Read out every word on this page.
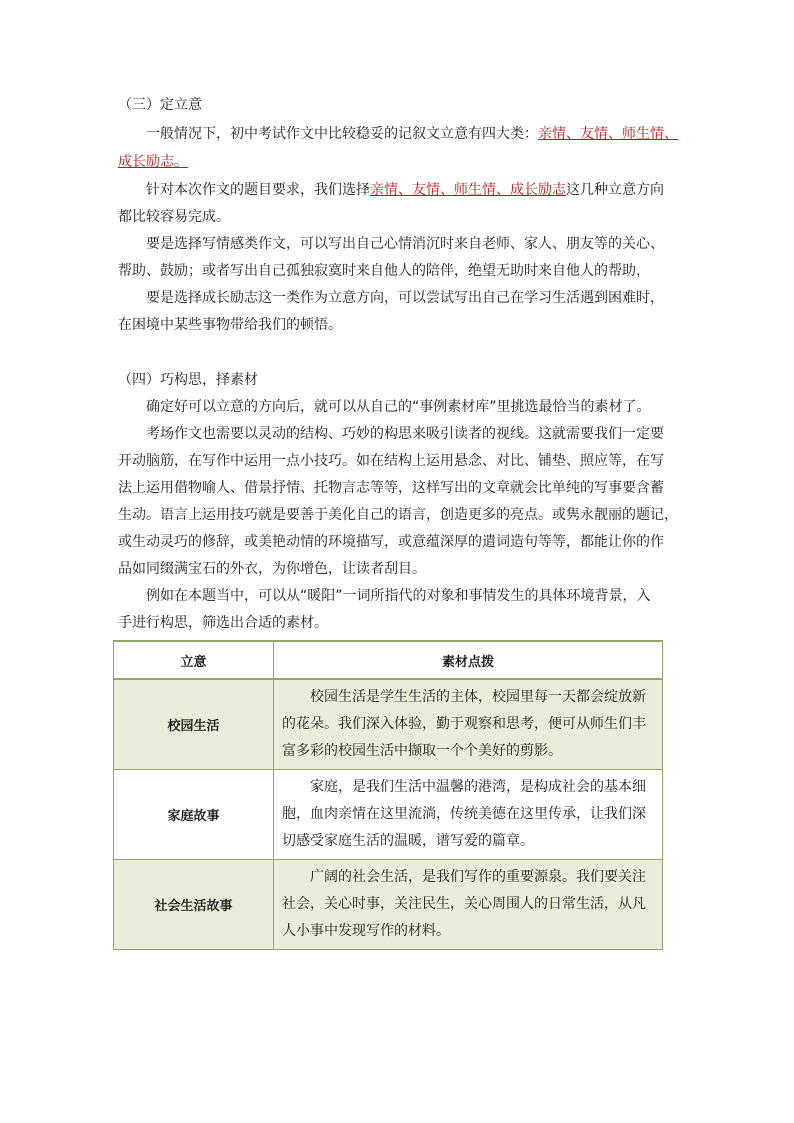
（三）定立意
一般情况下，初中考试作文中比较稳妥的记叙文立意有四大类：亲情、友情、师生情、
成长励志。
针对本次作文的题目要求，我们选择亲情、友情、师生情、成长励志这几种立意方向
都比较容易完成。
要是选择写情感类作文，可以写出自己心情消沉时来自老师、家人、朋友等的关心、
帮助、鼓励；或者写出自己孤独寂寞时来自他人的陪伴，绝望无助时来自他人的帮助，
要是选择成长励志这一类作为立意方向，可以尝试写出自己在学习生活遇到困难时，
在困境中某些事物带给我们的顿悟。
（四）巧构思，择素材
确定好可以立意的方向后，就可以从自己的“事例素材库”里挑选最恰当的素材了。
考场作文也需要以灵动的结构、巧妙的构思来吸引读者的视线。这就需要我们一定要
开动脑筋，在写作中运用一点小技巧。如在结构上运用悬念、对比、铺垫、照应等，在写
法上运用借物喻人、借景抒情、托物言志等等，这样写出的文章就会比单纯的写事要含蓄
生动。语言上运用技巧就是要善于美化自己的语言，创造更多的亮点。或隽永靓丽的题记，
或生动灵巧的修辞，或美艳动情的环境描写，或意蕴深厚的遣词造句等等，都能让你的作
品如同缀满宝石的外衣，为你增色，让读者刮目。
例如在本题当中，可以从“暖阳”一词所指代的对象和事情发生的具体环境背景，入
手进行构思，筛选出合适的素材。
立意	素材点拨
校园生活	校园生活是学生生活的主体，校园里每一天都会绽放新的花朵。我们深入体验，勤于观察和思考，便可从师生们丰富多彩的校园生活中撷取一个个美好的剪影。
家庭故事	家庭，是我们生活中温馨的港湾，是构成社会的基本细胞，血肉亲情在这里流淌，传统美德在这里传承，让我们深切感受家庭生活的温暖，谱写爱的篇章。
社会生活故事	广阔的社会生活，是我们写作的重要源泉。我们要关注社会，关心时事，关注民生，关心周围人的日常生活，从凡人小事中发现写作的材料。
